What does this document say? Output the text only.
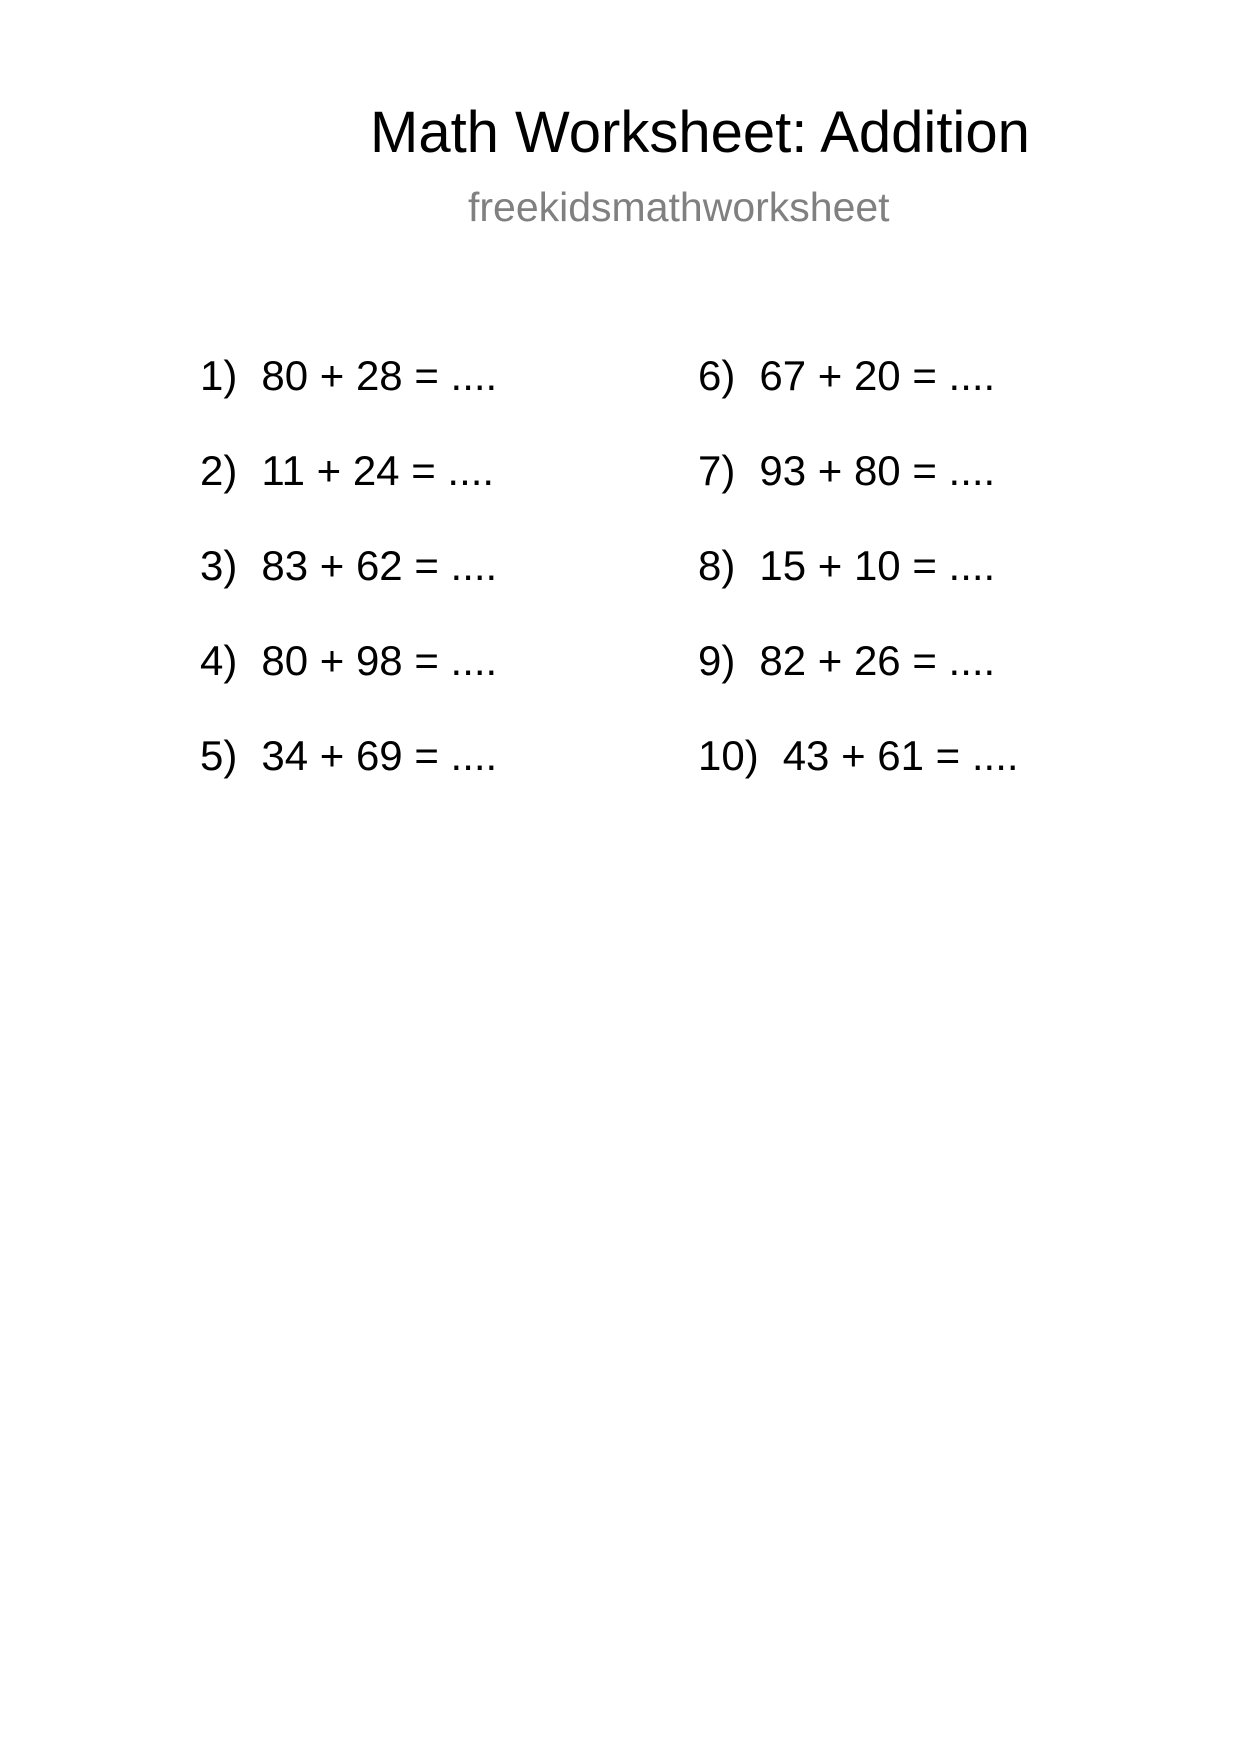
Math Worksheet: Addition
freekidsmathworksheet
1) 80 + 28 = ....
2) 11 + 24 = ....
3) 83 + 62 = ....
4) 80 + 98 = ....
5) 34 + 69 = ....
6) 67 + 20 = ....
7) 93 + 80 = ....
8) 15 + 10 = ....
9) 82 + 26 = ....
10) 43 + 61 = ....
